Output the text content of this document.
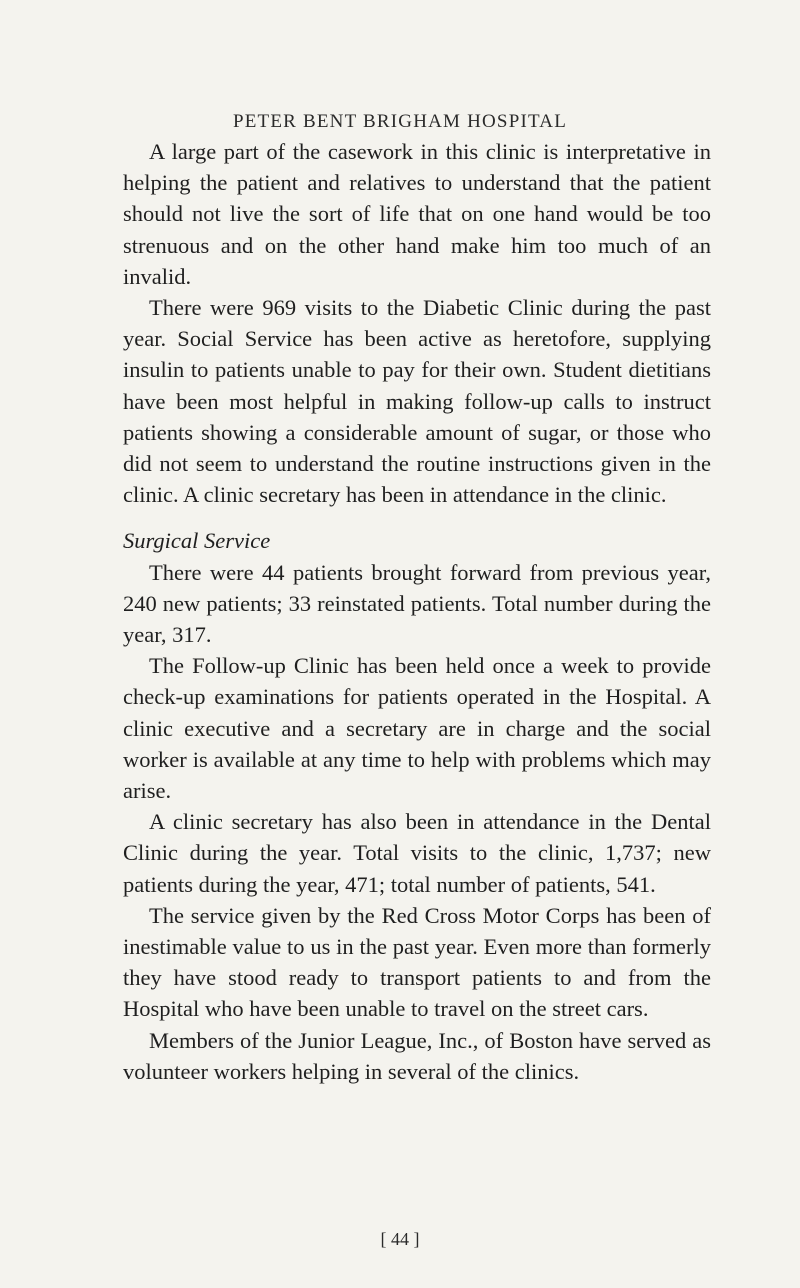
PETER BENT BRIGHAM HOSPITAL

A large part of the casework in this clinic is interpretative in helping the patient and relatives to understand that the patient should not live the sort of life that on one hand would be too strenuous and on the other hand make him too much of an invalid.

There were 969 visits to the Diabetic Clinic during the past year. Social Service has been active as heretofore, supplying insulin to patients unable to pay for their own. Student dietitians have been most helpful in making follow-up calls to instruct patients showing a considerable amount of sugar, or those who did not seem to understand the routine instructions given in the clinic. A clinic secretary has been in attendance in the clinic.

Surgical Service

There were 44 patients brought forward from previous year, 240 new patients; 33 reinstated patients. Total number during the year, 317.

The Follow-up Clinic has been held once a week to provide check-up examinations for patients operated in the Hospital. A clinic executive and a secretary are in charge and the social worker is available at any time to help with problems which may arise.

A clinic secretary has also been in attendance in the Dental Clinic during the year. Total visits to the clinic, 1,737; new patients during the year, 471; total number of patients, 541.

The service given by the Red Cross Motor Corps has been of inestimable value to us in the past year. Even more than formerly they have stood ready to transport patients to and from the Hospital who have been unable to travel on the street cars.

Members of the Junior League, Inc., of Boston have served as volunteer workers helping in several of the clinics.

[ 44 ]
